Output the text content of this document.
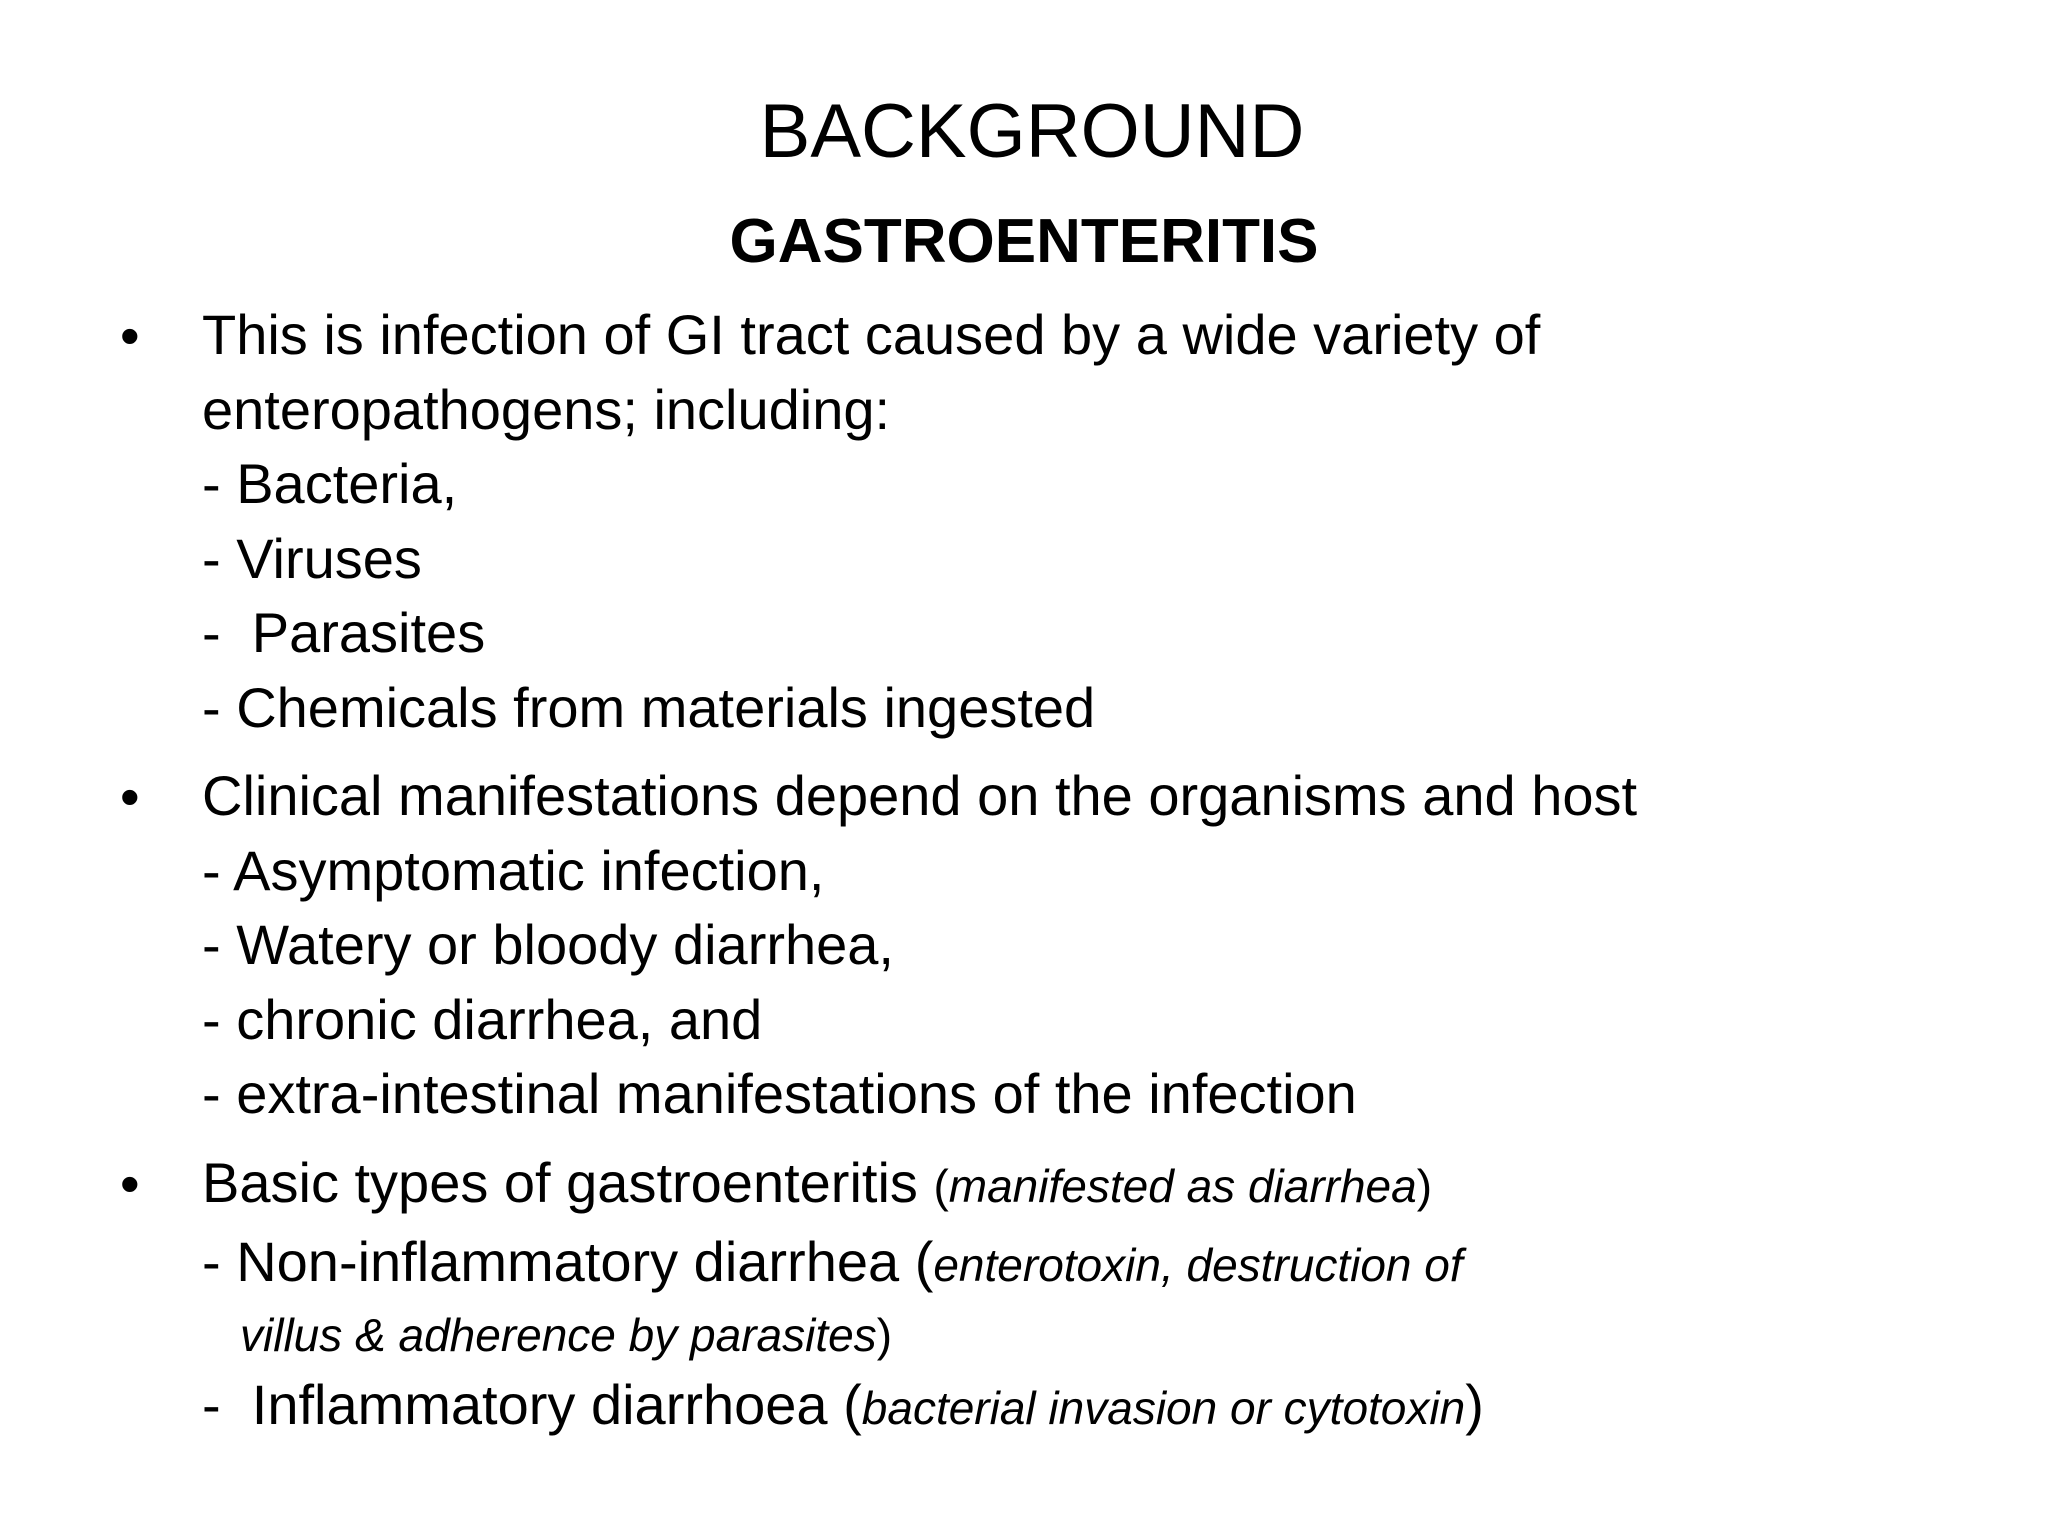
BACKGROUND
GASTROENTERITIS
• This is infection of GI tract caused by a wide variety of
enteropathogens; including:
- Bacteria,
- Viruses
-  Parasites
- Chemicals from materials ingested
• Clinical manifestations depend on the organisms and host
- Asymptomatic infection,
- Watery or bloody diarrhea,
- chronic diarrhea, and
- extra-intestinal manifestations of the infection
• Basic types of gastroenteritis (manifested as diarrhea)
- Non-inflammatory diarrhea (enterotoxin, destruction of
villus & adherence by parasites)
-  Inflammatory diarrhoea (bacterial invasion or cytotoxin)
